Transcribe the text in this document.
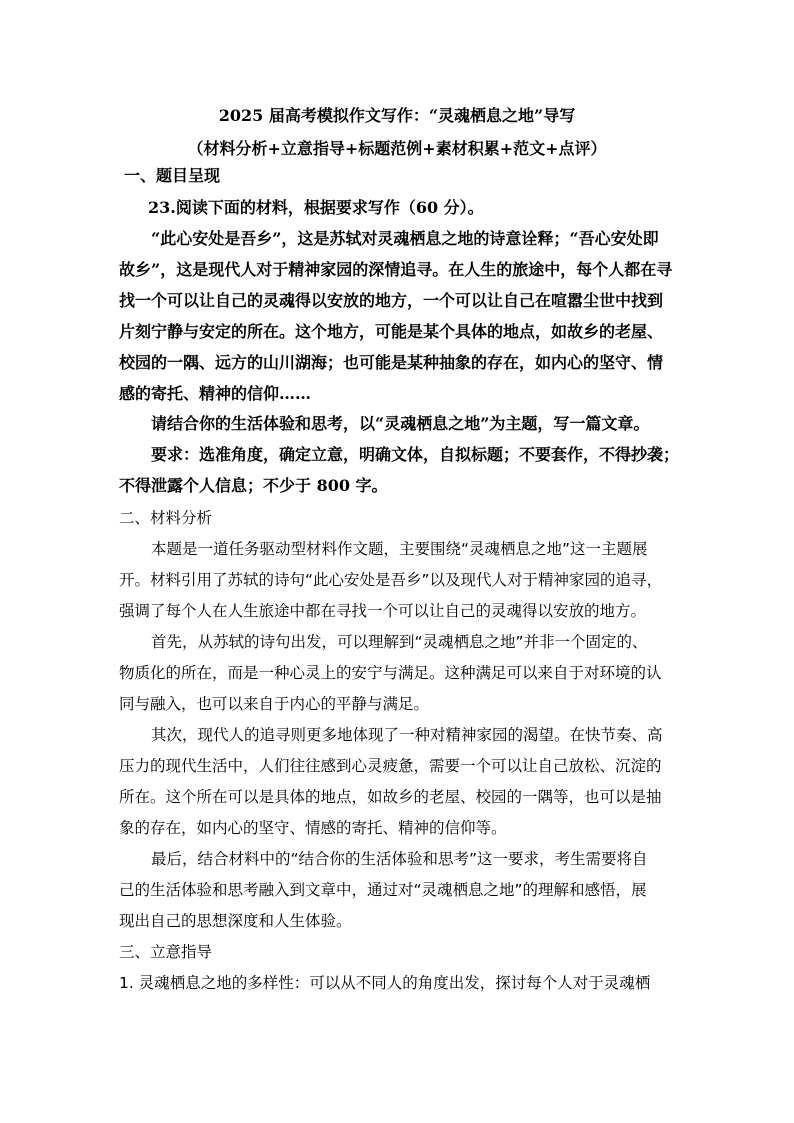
2025 届高考模拟作文写作：“灵魂栖息之地”导写
（材料分析+立意指导+标题范例+素材积累+范文+点评）
一、题目呈现
23.阅读下面的材料，根据要求写作（60 分）。
“此心安处是吾乡”，这是苏轼对灵魂栖息之地的诗意诠释；“吾心安处即
故乡”，这是现代人对于精神家园的深情追寻。在人生的旅途中，每个人都在寻
找一个可以让自己的灵魂得以安放的地方，一个可以让自己在喧嚣尘世中找到
片刻宁静与安定的所在。这个地方，可能是某个具体的地点，如故乡的老屋、
校园的一隅、远方的山川湖海；也可能是某种抽象的存在，如内心的坚守、情
感的寄托、精神的信仰……
请结合你的生活体验和思考，以“灵魂栖息之地”为主题，写一篇文章。
要求：选准角度，确定立意，明确文体，自拟标题；不要套作，不得抄袭；
不得泄露个人信息；不少于 800 字。
二、材料分析
本题是一道任务驱动型材料作文题，主要围绕“灵魂栖息之地”这一主题展
开。材料引用了苏轼的诗句“此心安处是吾乡”以及现代人对于精神家园的追寻，
强调了每个人在人生旅途中都在寻找一个可以让自己的灵魂得以安放的地方。
首先，从苏轼的诗句出发，可以理解到“灵魂栖息之地”并非一个固定的、
物质化的所在，而是一种心灵上的安宁与满足。这种满足可以来自于对环境的认
同与融入，也可以来自于内心的平静与满足。
其次，现代人的追寻则更多地体现了一种对精神家园的渴望。在快节奏、高
压力的现代生活中，人们往往感到心灵疲惫，需要一个可以让自己放松、沉淀的
所在。这个所在可以是具体的地点，如故乡的老屋、校园的一隅等，也可以是抽
象的存在，如内心的坚守、情感的寄托、精神的信仰等。
最后，结合材料中的“结合你的生活体验和思考”这一要求，考生需要将自
己的生活体验和思考融入到文章中，通过对“灵魂栖息之地”的理解和感悟，展
现出自己的思想深度和人生体验。
三、立意指导
1. 灵魂栖息之地的多样性：可以从不同人的角度出发，探讨每个人对于灵魂栖
